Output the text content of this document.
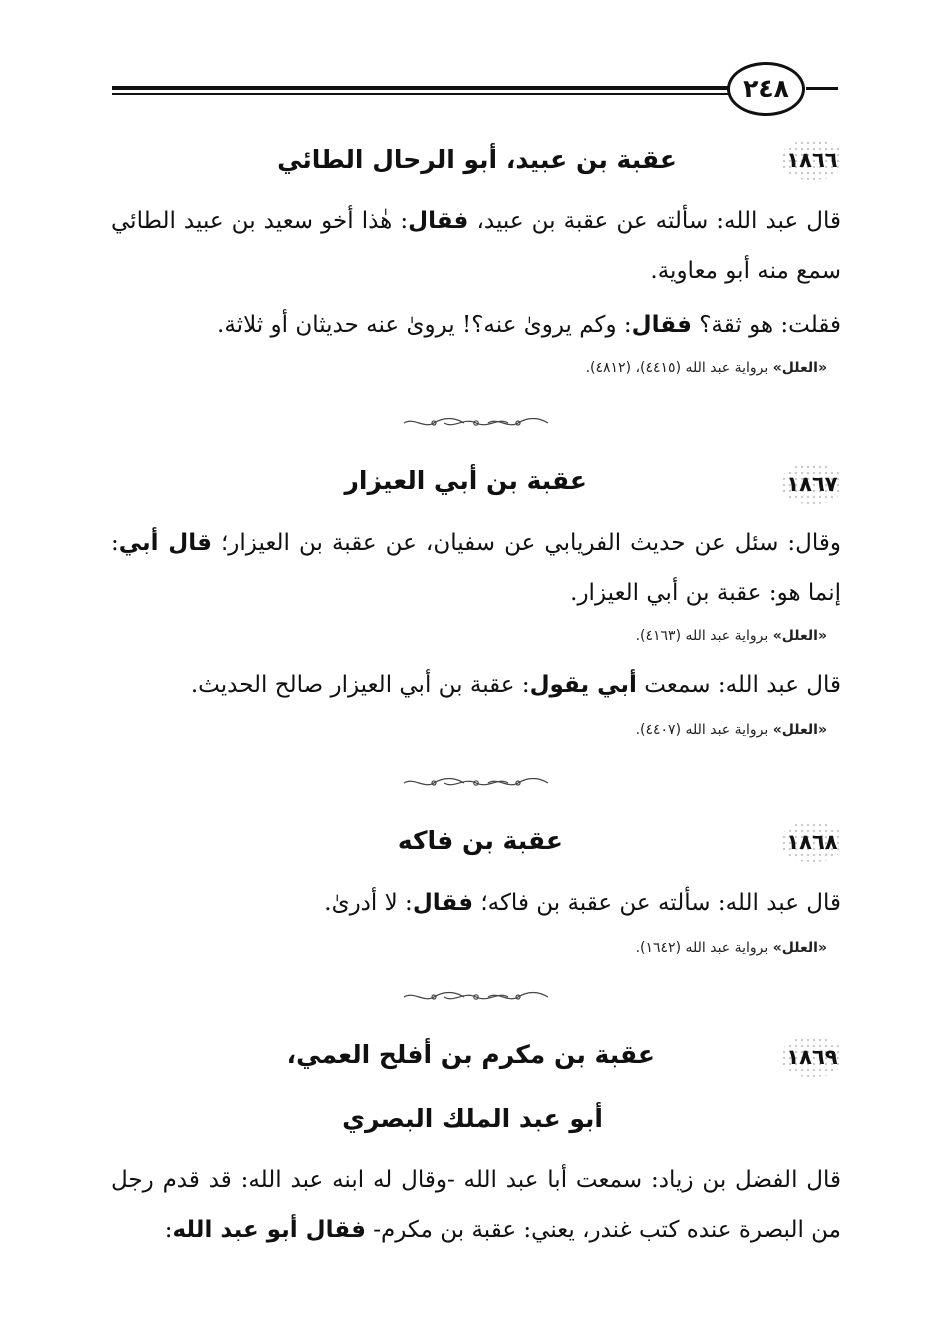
٢٤٨
١٨٦٦
عقبة بن عبيد، أبو الرحال الطائي
قال عبد الله: سألته عن عقبة بن عبيد، فقال: هٰذا أخو سعيد بن عبيد الطائي سمع منه أبو معاوية.
فقلت: هو ثقة؟ فقال: وكم يروىٰ عنه؟! يروىٰ عنه حديثان أو ثلاثة.
«العلل» برواية عبد الله (٤٤١٥)، (٤٨١٢).
١٨٦٧
عقبة بن أبي العيزار
وقال: سئل عن حديث الفريابي عن سفيان، عن عقبة بن العيزار؛ قال أبي: إنما هو: عقبة بن أبي العيزار.
«العلل» برواية عبد الله (٤١٦٣).
قال عبد الله: سمعت أبي يقول: عقبة بن أبي العيزار صالح الحديث.
«العلل» برواية عبد الله (٤٤٠٧).
١٨٦٨
عقبة بن فاكه
قال عبد الله: سألته عن عقبة بن فاكه؛ فقال: لا أدرىٰ.
«العلل» برواية عبد الله (١٦٤٢).
١٨٦٩
عقبة بن مكرم بن أفلح العمي،
أبو عبد الملك البصري
قال الفضل بن زياد: سمعت أبا عبد الله -وقال له ابنه عبد الله: قد قدم رجل من البصرة عنده كتب غندر، يعني: عقبة بن مكرم- فقال أبو عبد الله:
